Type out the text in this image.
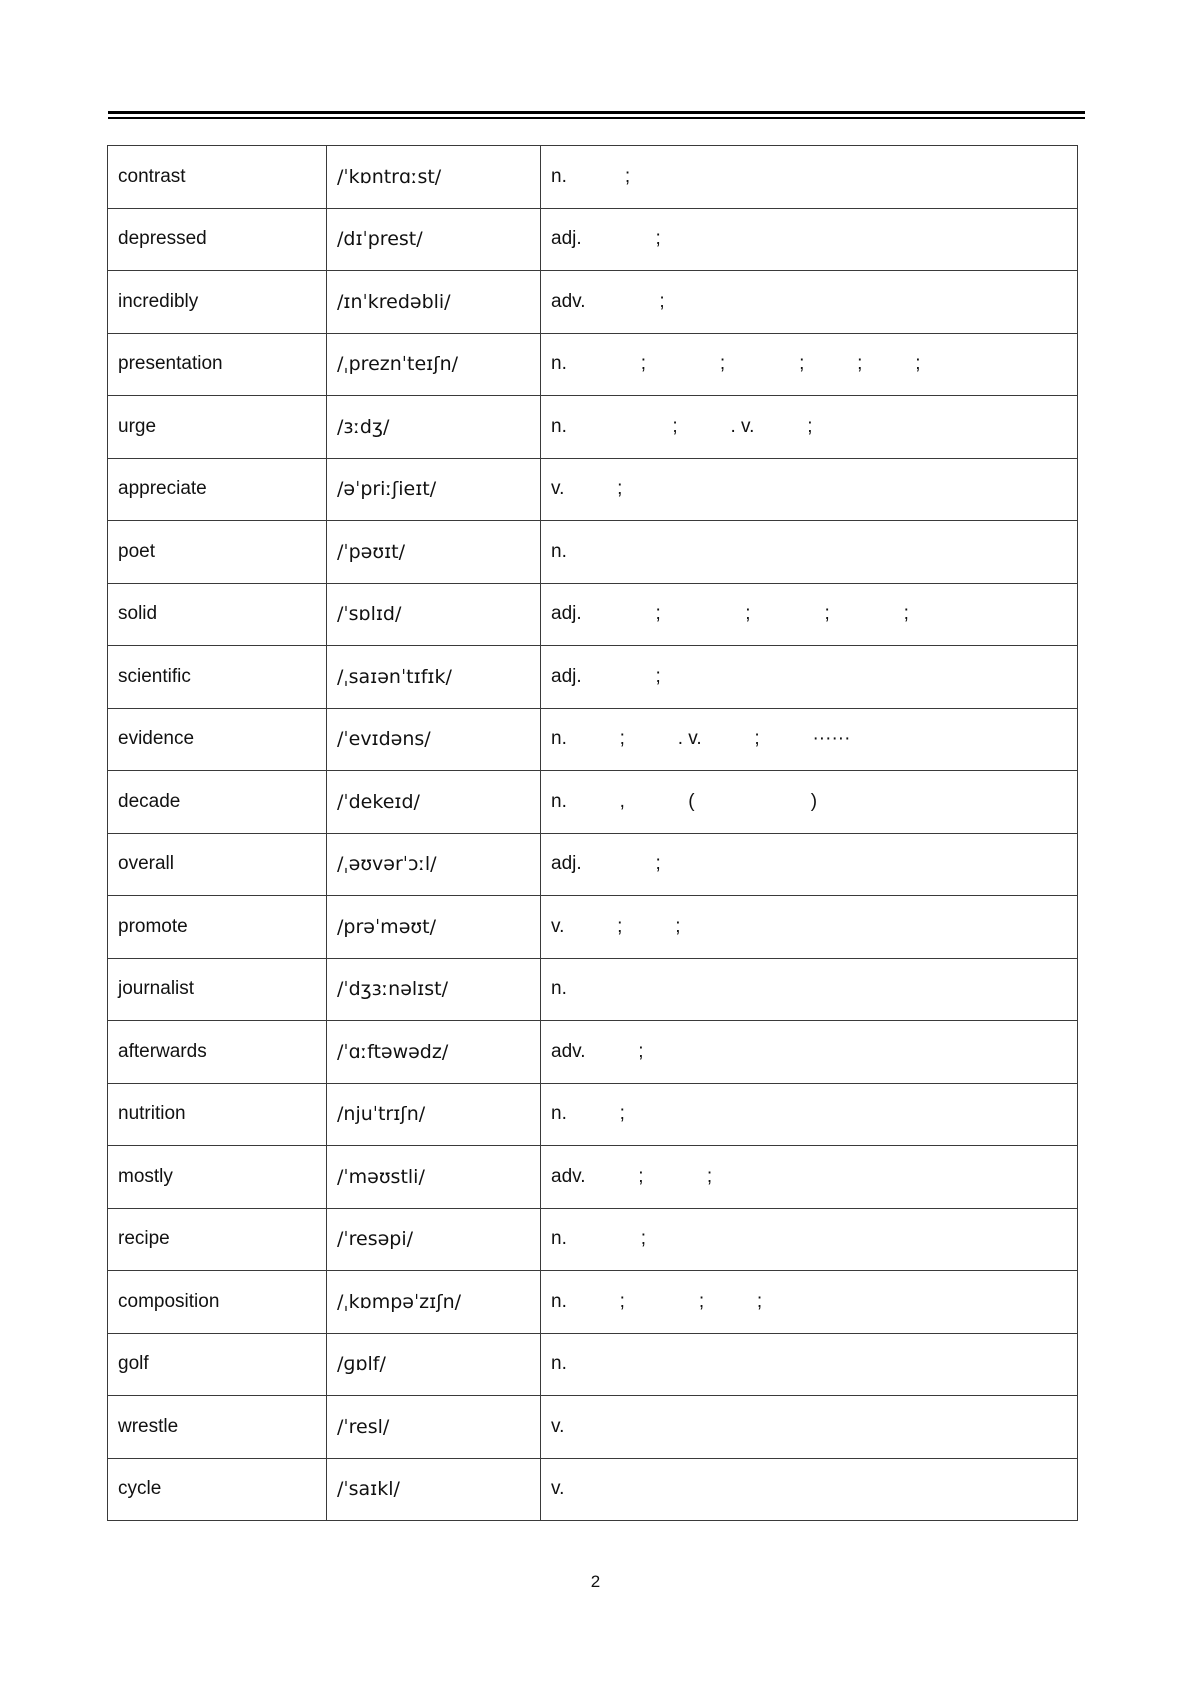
contrast	/ˈkɒntrɑːst/	n.           ;
depressed	/dɪˈprest/	adj.              ;
incredibly	/ɪnˈkredəbli/	adv.              ;
presentation	/ˌpreznˈteɪʃn/	n.              ;              ;              ;          ;          ;
urge	/ɜːdʒ/	n.                    ;          . v.          ;
appreciate	/əˈpriːʃieɪt/	v.          ;
poet	/ˈpəʊɪt/	n.
solid	/ˈsɒlɪd/	adj.              ;                ;              ;              ;
scientific	/ˌsaɪənˈtɪfɪk/	adj.              ;
evidence	/ˈevɪdəns/	n.          ;          . v.          ;          ······
decade	/ˈdekeɪd/	n.          ,            (                      )
overall	/ˌəʊvərˈɔːl/	adj.              ;
promote	/prəˈməʊt/	v.          ;          ;
journalist	/ˈdʒɜːnəlɪst/	n.
afterwards	/ˈɑːftəwədz/	adv.          ;
nutrition	/njuˈtrɪʃn/	n.          ;
mostly	/ˈməʊstli/	adv.          ;            ;
recipe	/ˈresəpi/	n.              ;
composition	/ˌkɒmpəˈzɪʃn/	n.          ;              ;          ;
golf	/ɡɒlf/	n.
wrestle	/ˈresl/	v.
cycle	/ˈsaɪkl/	v.
2
